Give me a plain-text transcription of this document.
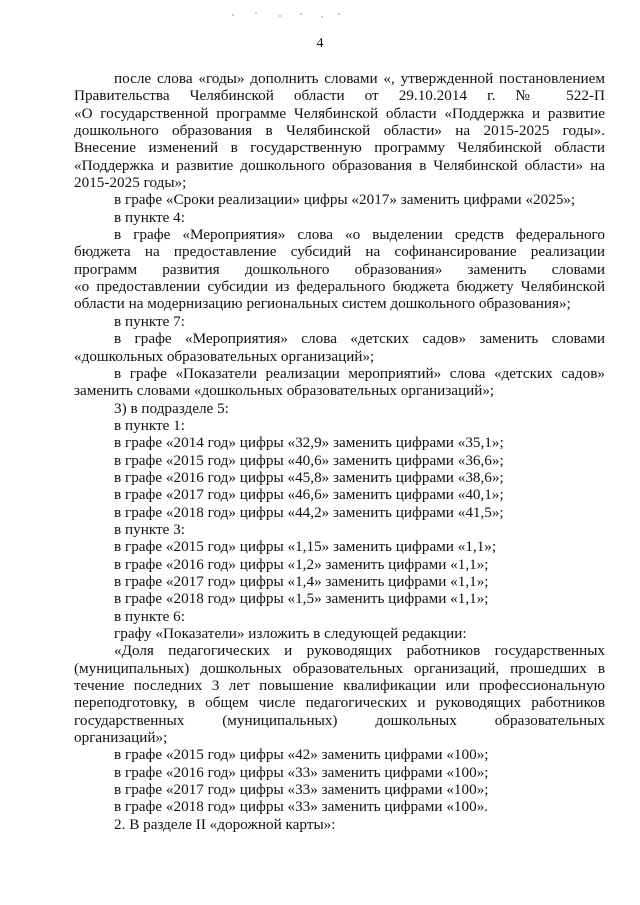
4
после слова «годы» дополнить словами «, утвержденной постановлением
Правительства Челябинской области от 29.10.2014 г. № 522-П
«О государственной программе Челябинской области «Поддержка и развитие
дошкольного образования в Челябинской области» на 2015-2025 годы».
Внесение изменений в государственную программу Челябинской области
«Поддержка и развитие дошкольного образования в Челябинской области» на
2015-2025 годы»;
в графе «Сроки реализации» цифры «2017» заменить цифрами «2025»;
в пункте 4:
в графе «Мероприятия» слова «о выделении средств федерального
бюджета на предоставление субсидий на софинансирование реализации
программ развития дошкольного образования» заменить словами
«о предоставлении субсидии из федерального бюджета бюджету Челябинской
области на модернизацию региональных систем дошкольного образования»;
в пункте 7:
в графе «Мероприятия» слова «детских садов» заменить словами
«дошкольных образовательных организаций»;
в графе «Показатели реализации мероприятий» слова «детских садов»
заменить словами «дошкольных образовательных организаций»;
3) в подразделе 5:
в пункте 1:
в графе «2014 год» цифры «32,9» заменить цифрами «35,1»;
в графе «2015 год» цифры «40,6» заменить цифрами «36,6»;
в графе «2016 год» цифры «45,8» заменить цифрами «38,6»;
в графе «2017 год» цифры «46,6» заменить цифрами «40,1»;
в графе «2018 год» цифры «44,2» заменить цифрами «41,5»;
в пункте 3:
в графе «2015 год» цифры «1,15» заменить цифрами «1,1»;
в графе «2016 год» цифры «1,2» заменить цифрами «1,1»;
в графе «2017 год» цифры «1,4» заменить цифрами «1,1»;
в графе «2018 год» цифры «1,5» заменить цифрами «1,1»;
в пункте 6:
графу «Показатели» изложить в следующей редакции:
«Доля педагогических и руководящих работников государственных
(муниципальных) дошкольных образовательных организаций, прошедших в
течение последних 3 лет повышение квалификации или профессиональную
переподготовку, в общем числе педагогических и руководящих работников
государственных (муниципальных) дошкольных образовательных
организаций»;
в графе «2015 год» цифры «42» заменить цифрами «100»;
в графе «2016 год» цифры «33» заменить цифрами «100»;
в графе «2017 год» цифры «33» заменить цифрами «100»;
в графе «2018 год» цифры «33» заменить цифрами «100».
2. В разделе II «дорожной карты»:
